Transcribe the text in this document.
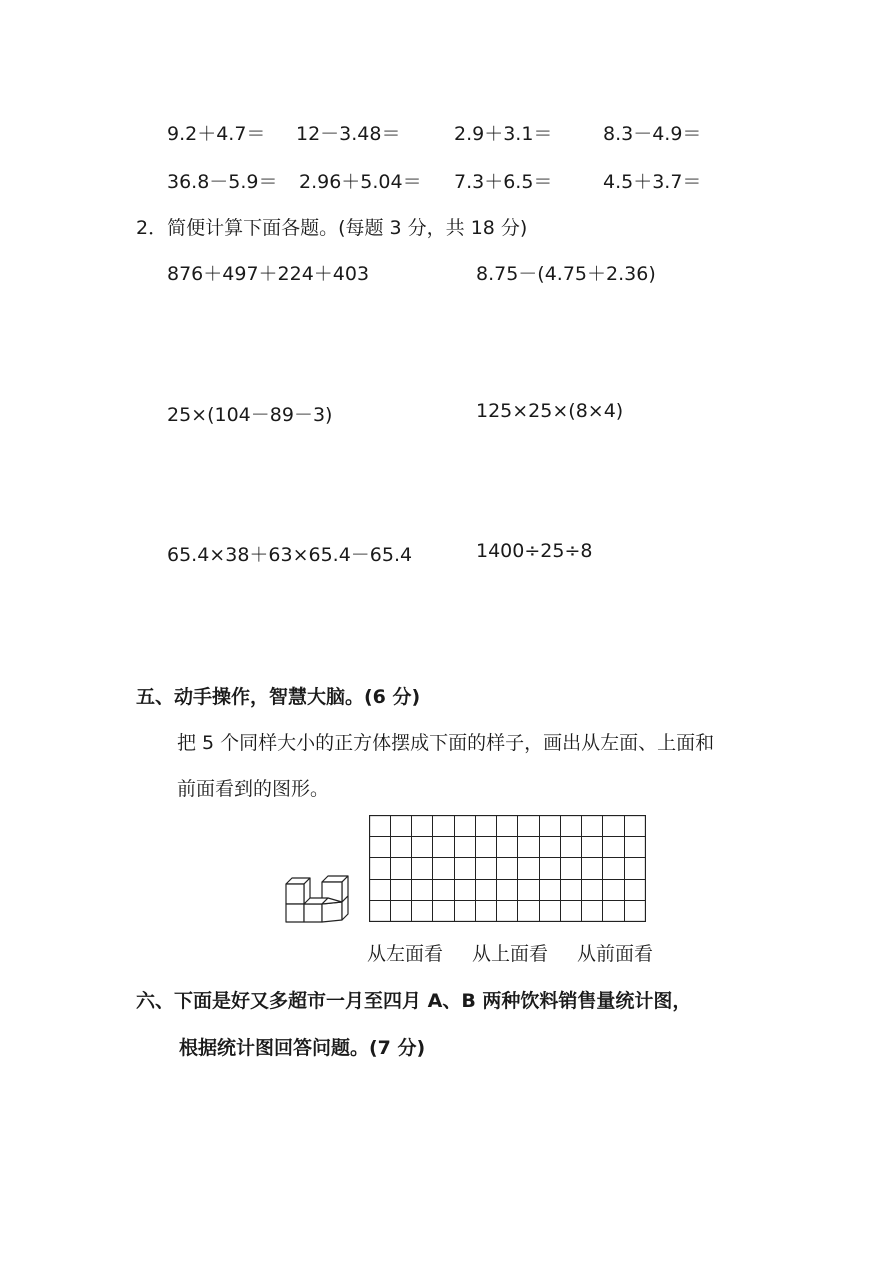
9.2＋4.7＝ 12－3.48＝	2.9＋3.1＝	8.3－4.9＝
36.8－5.9＝ 2.96＋5.04＝ 7.3＋6.5＝	4.5＋3.7＝
2．简便计算下面各题。(每题 3 分，共 18 分)
876＋497＋224＋403	8.75－(4.75＋2.36)
25×(104－89－3)	125×25×(8×4)
65.4×38＋63×65.4－65.4	1400÷25÷8
五、动手操作，智慧大脑。(6 分)
把 5 个同样大小的正方体摆成下面的样子，画出从左面、上面和
前面看到的图形。
从左面看 从上面看 从前面看
六、下面是好又多超市一月至四月 A、B 两种饮料销售量统计图，
根据统计图回答问题。(7 分)
